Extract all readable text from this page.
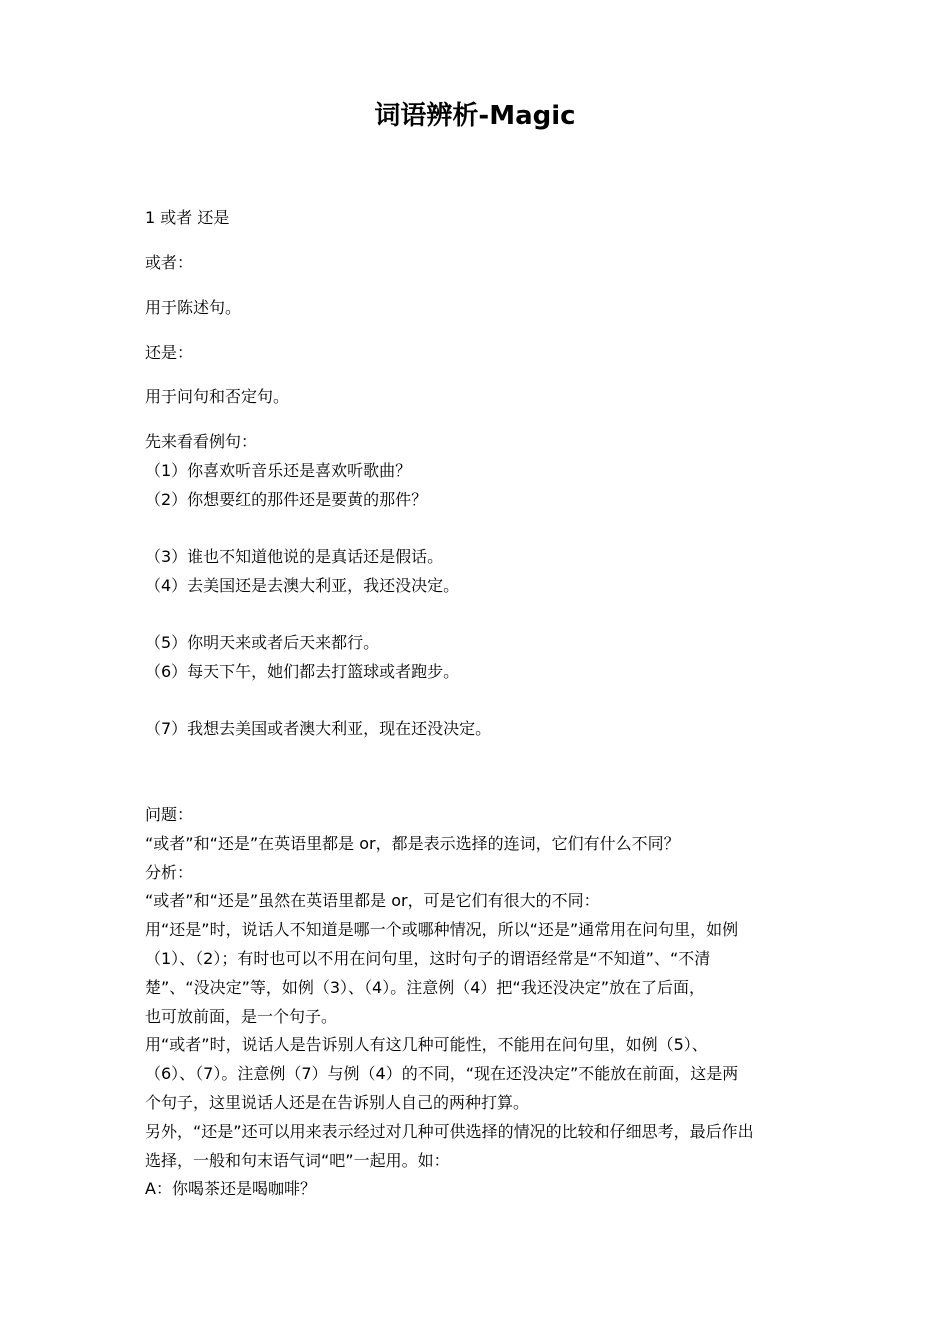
词语辨析-Magic
1 或者 还是
或者：
用于陈述句。
还是：
用于问句和否定句。
先来看看例句：
（1）你喜欢听音乐还是喜欢听歌曲？
（2）你想要红的那件还是要黄的那件？
（3）谁也不知道他说的是真话还是假话。
（4）去美国还是去澳大利亚，我还没决定。
（5）你明天来或者后天来都行。
（6）每天下午，她们都去打篮球或者跑步。
（7）我想去美国或者澳大利亚，现在还没决定。
问题：
“或者”和“还是”在英语里都是 or，都是表示选择的连词，它们有什么不同？
分析：
“或者”和“还是”虽然在英语里都是 or，可是它们有很大的不同：
用“还是”时，说话人不知道是哪一个或哪种情况，所以“还是”通常用在问句里，如例
（1）、（2）；有时也可以不用在问句里，这时句子的谓语经常是“不知道”、“不清
楚”、“没决定”等，如例（3）、（4）。注意例（4）把“我还没决定”放在了后面，
也可放前面，是一个句子。
用“或者”时，说话人是告诉别人有这几种可能性，不能用在问句里，如例（5）、
（6）、（7）。注意例（7）与例（4）的不同，“现在还没决定”不能放在前面，这是两
个句子，这里说话人还是在告诉别人自己的两种打算。
另外，“还是”还可以用来表示经过对几种可供选择的情况的比较和仔细思考，最后作出
选择，一般和句末语气词“吧”一起用。如：
A：你喝茶还是喝咖啡？
